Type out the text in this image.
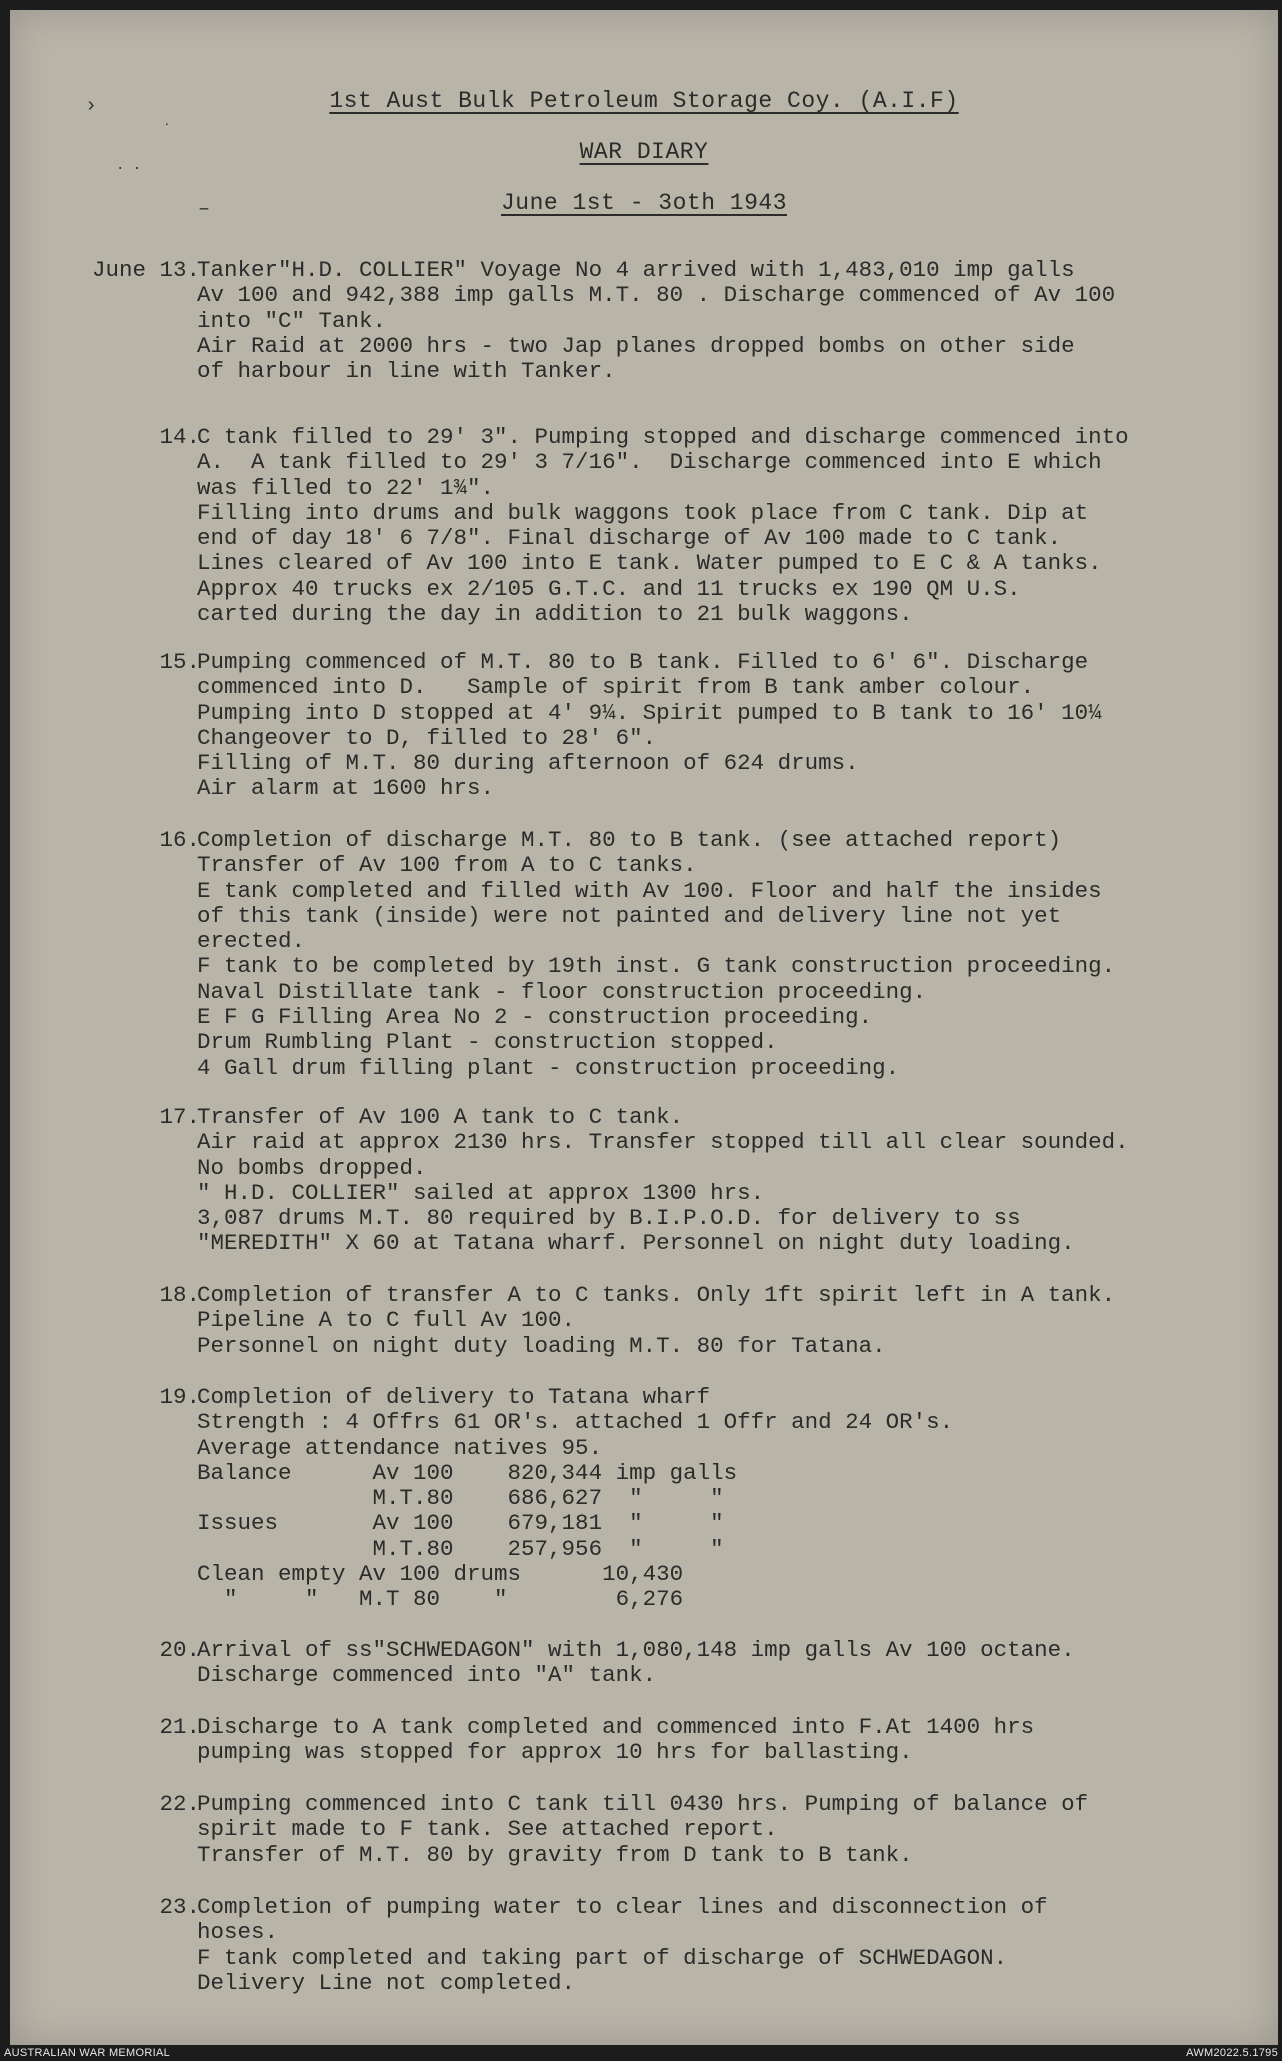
›
˙
. .
–
1st Aust Bulk Petroleum Storage Coy. (A.I.F)
WAR DIARY
June 1st - 3oth 1943
June 13.
Tanker"H.D. COLLIER" Voyage No 4 arrived with 1,483,010 imp galls
Av 100 and 942,388 imp galls M.T. 80 . Discharge commenced of Av 100
into "C" Tank.
Air Raid at 2000 hrs - two Jap planes dropped bombs on other side
of harbour in line with Tanker.
14.
C tank filled to 29' 3". Pumping stopped and discharge commenced into
A.  A tank filled to 29' 3 7/16".  Discharge commenced into E which
was filled to 22' 1¾".
Filling into drums and bulk waggons took place from C tank. Dip at
end of day 18' 6 7/8". Final discharge of Av 100 made to C tank.
Lines cleared of Av 100 into E tank. Water pumped to E C & A tanks.
Approx 40 trucks ex 2/105 G.T.C. and 11 trucks ex 190 QM U.S.
carted during the day in addition to 21 bulk waggons.
15.
Pumping commenced of M.T. 80 to B tank. Filled to 6' 6". Discharge
commenced into D.   Sample of spirit from B tank amber colour.
Pumping into D stopped at 4' 9¼. Spirit pumped to B tank to 16' 10¼
Changeover to D, filled to 28' 6".
Filling of M.T. 80 during afternoon of 624 drums.
Air alarm at 1600 hrs.
16.
Completion of discharge M.T. 80 to B tank. (see attached report)
Transfer of Av 100 from A to C tanks.
E tank completed and filled with Av 100. Floor and half the insides
of this tank (inside) were not painted and delivery line not yet
erected.
F tank to be completed by 19th inst. G tank construction proceeding.
Naval Distillate tank - floor construction proceeding.
E F G Filling Area No 2 - construction proceeding.
Drum Rumbling Plant - construction stopped.
4 Gall drum filling plant - construction proceeding.
17.
Transfer of Av 100 A tank to C tank.
Air raid at approx 2130 hrs. Transfer stopped till all clear sounded.
No bombs dropped.
" H.D. COLLIER" sailed at approx 1300 hrs.
3,087 drums M.T. 80 required by B.I.P.O.D. for delivery to ss
"MEREDITH" X 60 at Tatana wharf. Personnel on night duty loading.
18.
Completion of transfer A to C tanks. Only 1ft spirit left in A tank.
Pipeline A to C full Av 100.
Personnel on night duty loading M.T. 80 for Tatana.
19.
Completion of delivery to Tatana wharf
Strength : 4 Offrs 61 OR's. attached 1 Offr and 24 OR's.
Average attendance natives 95.
Balance      Av 100    820,344 imp galls
M.T.80    686,627  "     "
Issues       Av 100    679,181  "     "
M.T.80    257,956  "     "
Clean empty Av 100 drums      10,430
"     "   M.T 80    "        6,276
20.
Arrival of ss"SCHWEDAGON" with 1,080,148 imp galls Av 100 octane.
Discharge commenced into "A" tank.
21.
Discharge to A tank completed and commenced into F.At 1400 hrs
pumping was stopped for approx 10 hrs for ballasting.
22.
Pumping commenced into C tank till 0430 hrs. Pumping of balance of
spirit made to F tank. See attached report.
Transfer of M.T. 80 by gravity from D tank to B tank.
23.
Completion of pumping water to clear lines and disconnection of
hoses.
F tank completed and taking part of discharge of SCHWEDAGON.
Delivery Line not completed.
AUSTRALIAN WAR MEMORIAL	AWM2022.5.1795
